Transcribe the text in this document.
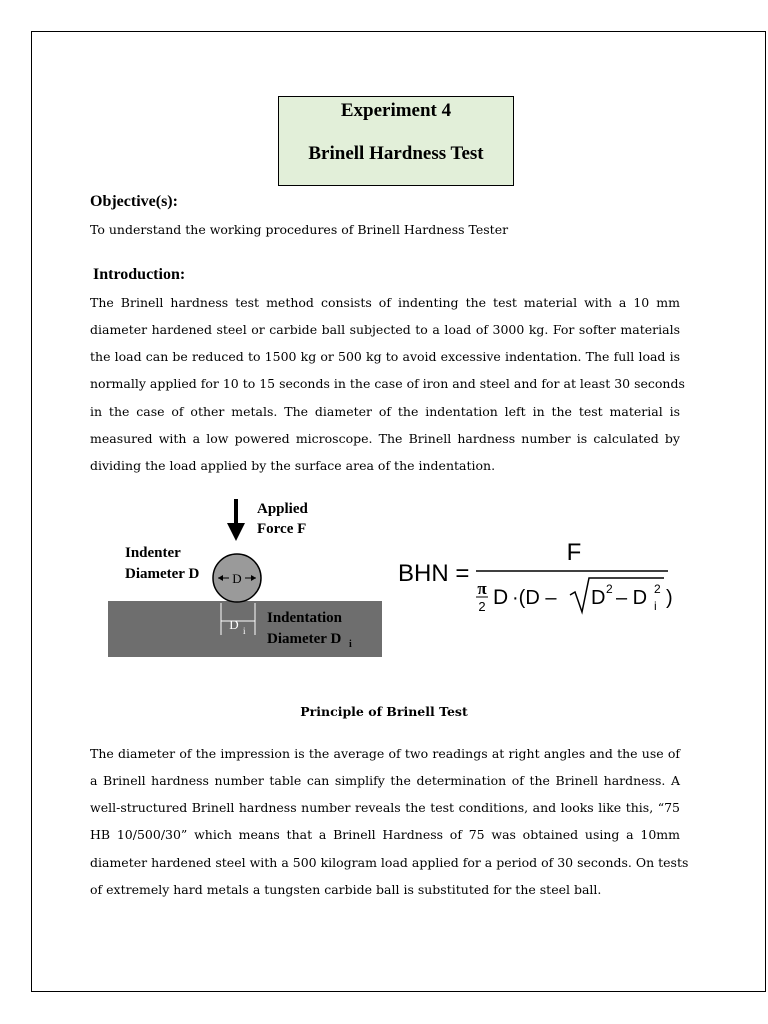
Experiment 4
Brinell Hardness Test
Objective(s):
To understand the working procedures of Brinell Hardness Tester
Introduction:
The Brinell hardness test method consists of indenting the test material with a 10 mm
diameter hardened steel or carbide ball subjected to a load of 3000 kg. For softer materials
the load can be reduced to 1500 kg or 500 kg to avoid excessive indentation. The full load is
normally applied for 10 to 15 seconds in the case of iron and steel and for at least 30 seconds
in the case of other metals. The diameter of the indentation left in the test material is
measured with a low powered microscope. The Brinell hardness number is calculated by
dividing the load applied by the surface area of the indentation.
D
D i
Applied
Force F
Indenter
Diameter D
Indentation
Diameter D i
BHN =
F
π
2 D ·(D – D 2 – D 2
i )
Principle of Brinell Test
The diameter of the impression is the average of two readings at right angles and the use of
a Brinell hardness number table can simplify the determination of the Brinell hardness. A
well-structured Brinell hardness number reveals the test conditions, and looks like this, “75
HB 10/500/30” which means that a Brinell Hardness of 75 was obtained using a 10mm
diameter hardened steel with a 500 kilogram load applied for a period of 30 seconds. On tests
of extremely hard metals a tungsten carbide ball is substituted for the steel ball.
